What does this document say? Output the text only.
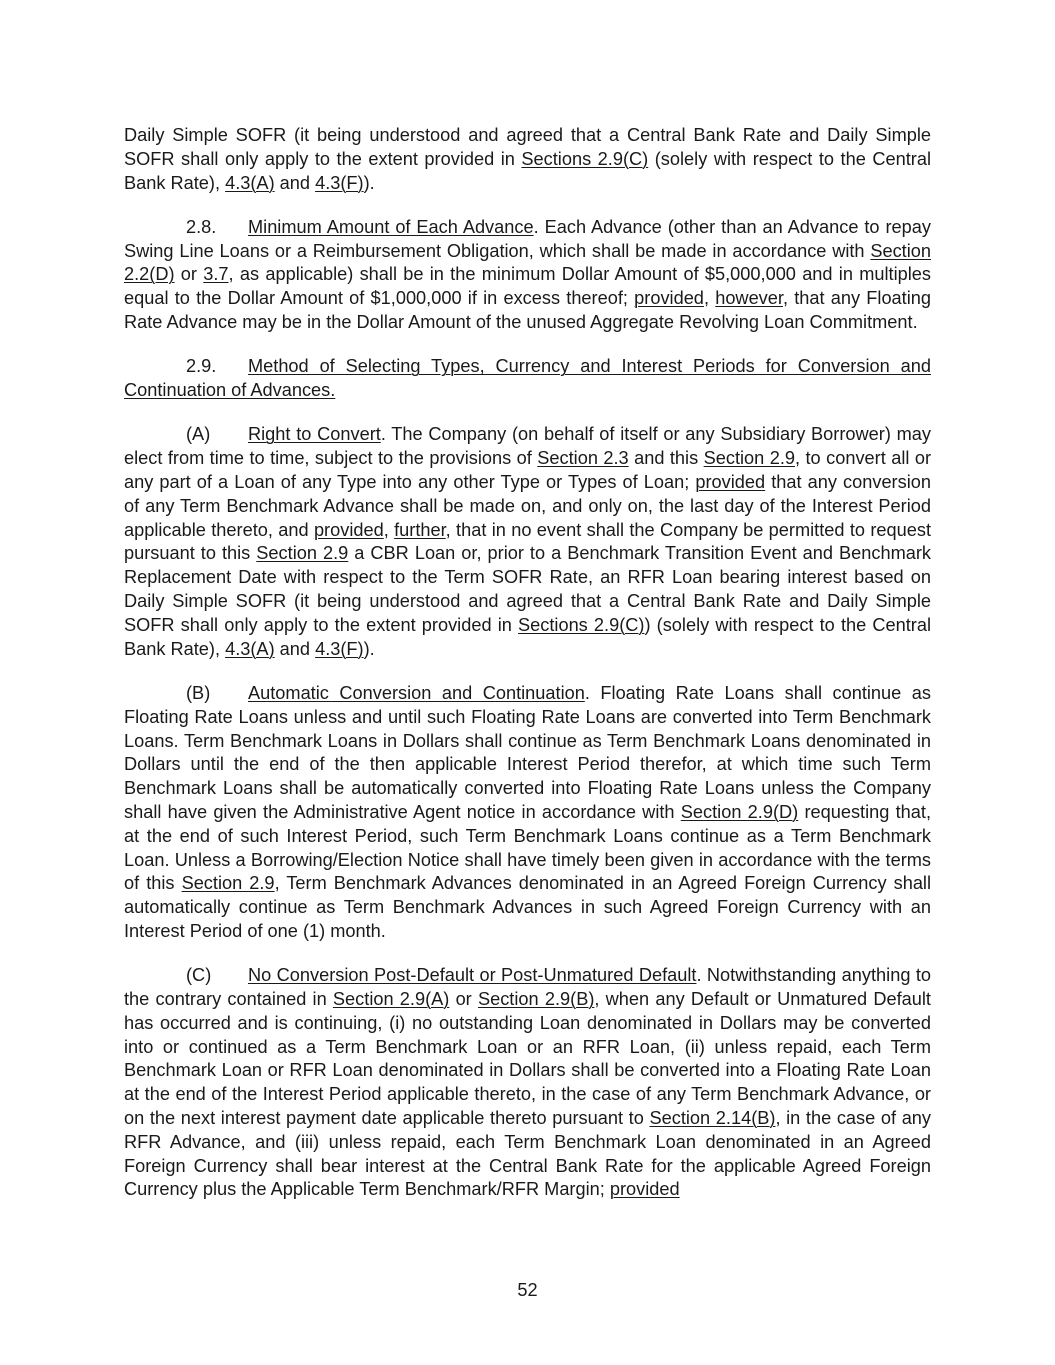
Daily Simple SOFR (it being understood and agreed that a Central Bank Rate and Daily Simple SOFR shall only apply to the extent provided in Sections 2.9(C) (solely with respect to the Central Bank Rate), 4.3(A) and 4.3(F)).

2.8. Minimum Amount of Each Advance. Each Advance (other than an Advance to repay Swing Line Loans or a Reimbursement Obligation, which shall be made in accordance with Section 2.2(D) or 3.7, as applicable) shall be in the minimum Dollar Amount of $5,000,000 and in multiples equal to the Dollar Amount of $1,000,000 if in excess thereof; provided, however, that any Floating Rate Advance may be in the Dollar Amount of the unused Aggregate Revolving Loan Commitment.

2.9. Method of Selecting Types, Currency and Interest Periods for Conversion and Continuation of Advances.

(A) Right to Convert. The Company (on behalf of itself or any Subsidiary Borrower) may elect from time to time, subject to the provisions of Section 2.3 and this Section 2.9, to convert all or any part of a Loan of any Type into any other Type or Types of Loan; provided that any conversion of any Term Benchmark Advance shall be made on, and only on, the last day of the Interest Period applicable thereto, and provided, further, that in no event shall the Company be permitted to request pursuant to this Section 2.9 a CBR Loan or, prior to a Benchmark Transition Event and Benchmark Replacement Date with respect to the Term SOFR Rate, an RFR Loan bearing interest based on Daily Simple SOFR (it being understood and agreed that a Central Bank Rate and Daily Simple SOFR shall only apply to the extent provided in Sections 2.9(C)) (solely with respect to the Central Bank Rate), 4.3(A) and 4.3(F)).

(B) Automatic Conversion and Continuation. Floating Rate Loans shall continue as Floating Rate Loans unless and until such Floating Rate Loans are converted into Term Benchmark Loans. Term Benchmark Loans in Dollars shall continue as Term Benchmark Loans denominated in Dollars until the end of the then applicable Interest Period therefor, at which time such Term Benchmark Loans shall be automatically converted into Floating Rate Loans unless the Company shall have given the Administrative Agent notice in accordance with Section 2.9(D) requesting that, at the end of such Interest Period, such Term Benchmark Loans continue as a Term Benchmark Loan. Unless a Borrowing/Election Notice shall have timely been given in accordance with the terms of this Section 2.9, Term Benchmark Advances denominated in an Agreed Foreign Currency shall automatically continue as Term Benchmark Advances in such Agreed Foreign Currency with an Interest Period of one (1) month.

(C) No Conversion Post-Default or Post-Unmatured Default. Notwithstanding anything to the contrary contained in Section 2.9(A) or Section 2.9(B), when any Default or Unmatured Default has occurred and is continuing, (i) no outstanding Loan denominated in Dollars may be converted into or continued as a Term Benchmark Loan or an RFR Loan, (ii) unless repaid, each Term Benchmark Loan or RFR Loan denominated in Dollars shall be converted into a Floating Rate Loan at the end of the Interest Period applicable thereto, in the case of any Term Benchmark Advance, or on the next interest payment date applicable thereto pursuant to Section 2.14(B), in the case of any RFR Advance, and (iii) unless repaid, each Term Benchmark Loan denominated in an Agreed Foreign Currency shall bear interest at the Central Bank Rate for the applicable Agreed Foreign Currency plus the Applicable Term Benchmark/RFR Margin; provided

52
